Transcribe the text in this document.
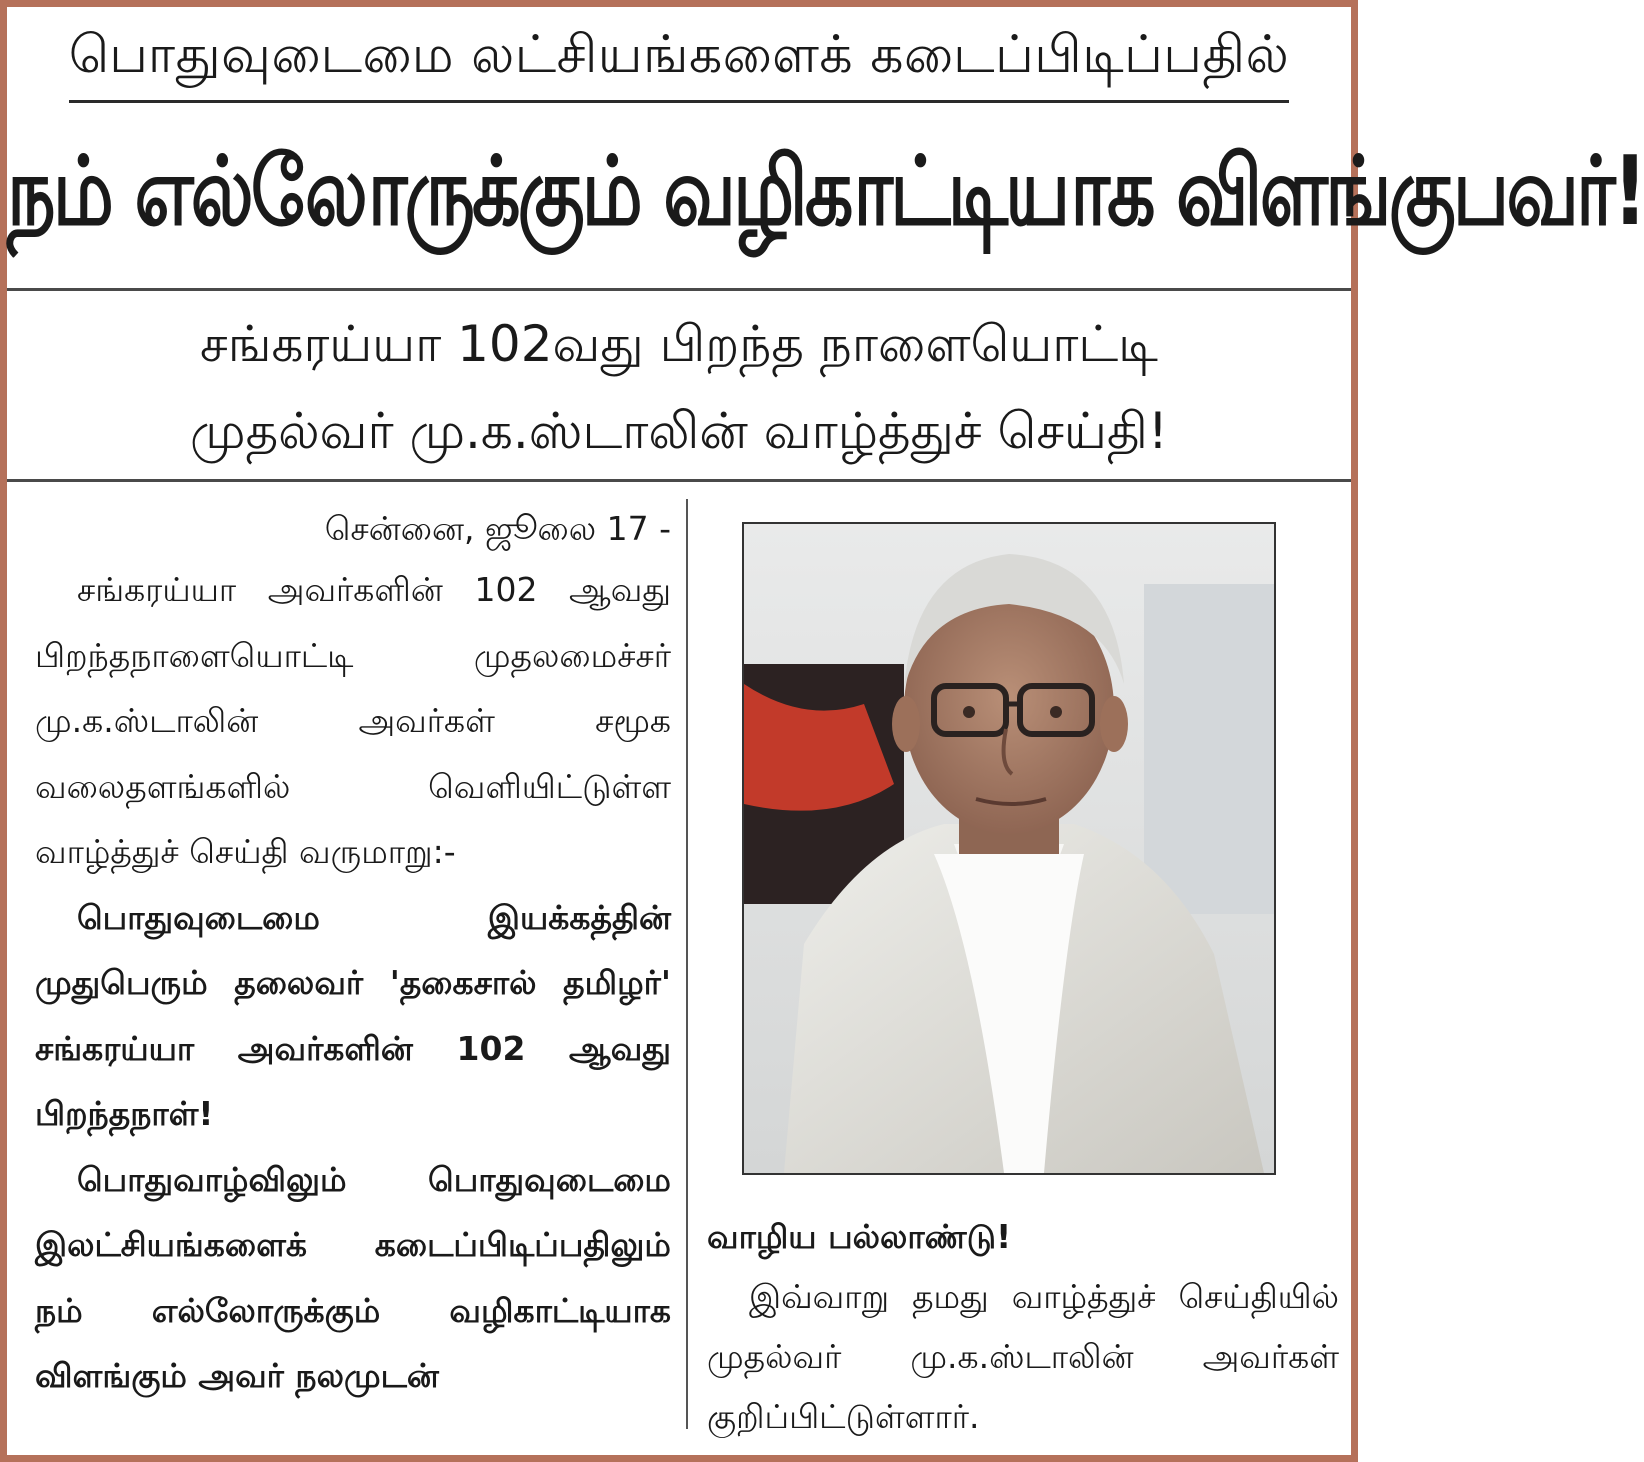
பொதுவுடைமை லட்சியங்களைக் கடைப்பிடிப்பதில்
நம் எல்லோருக்கும் வழிகாட்டியாக விளங்குபவர்!
சங்கரய்யா 102வது பிறந்த நாளையொட்டி
முதல்வர் மு.க.ஸ்டாலின் வாழ்த்துச் செய்தி!

சென்னை, ஜூலை 17 -

சங்கரய்யா அவர்களின் 102 ஆவது பிறந்தநாளையொட்டி முதலமைச்சர் மு.க.ஸ்டாலின் அவர்கள் சமூக வலைதளங்களில் வெளியிட்டுள்ள வாழ்த்துச் செய்தி வருமாறு:-

பொதுவுடைமை இயக்கத்தின் முதுபெரும் தலைவர் 'தகைசால் தமிழர்' சங்கரய்யா அவர்களின் 102 ஆவது பிறந்தநாள்!

பொதுவாழ்விலும் பொதுவுடைமை இலட்சியங்களைக் கடைப்பிடிப்பதிலும் நம் எல்லோருக்கும் வழிகாட்டியாக விளங்கும் அவர் நலமுடன்

வாழிய பல்லாண்டு!

இவ்வாறு தமது வாழ்த்துச் செய்தியில் முதல்வர் மு.க.ஸ்டாலின் அவர்கள் குறிப்பிட்டுள்ளார்.
